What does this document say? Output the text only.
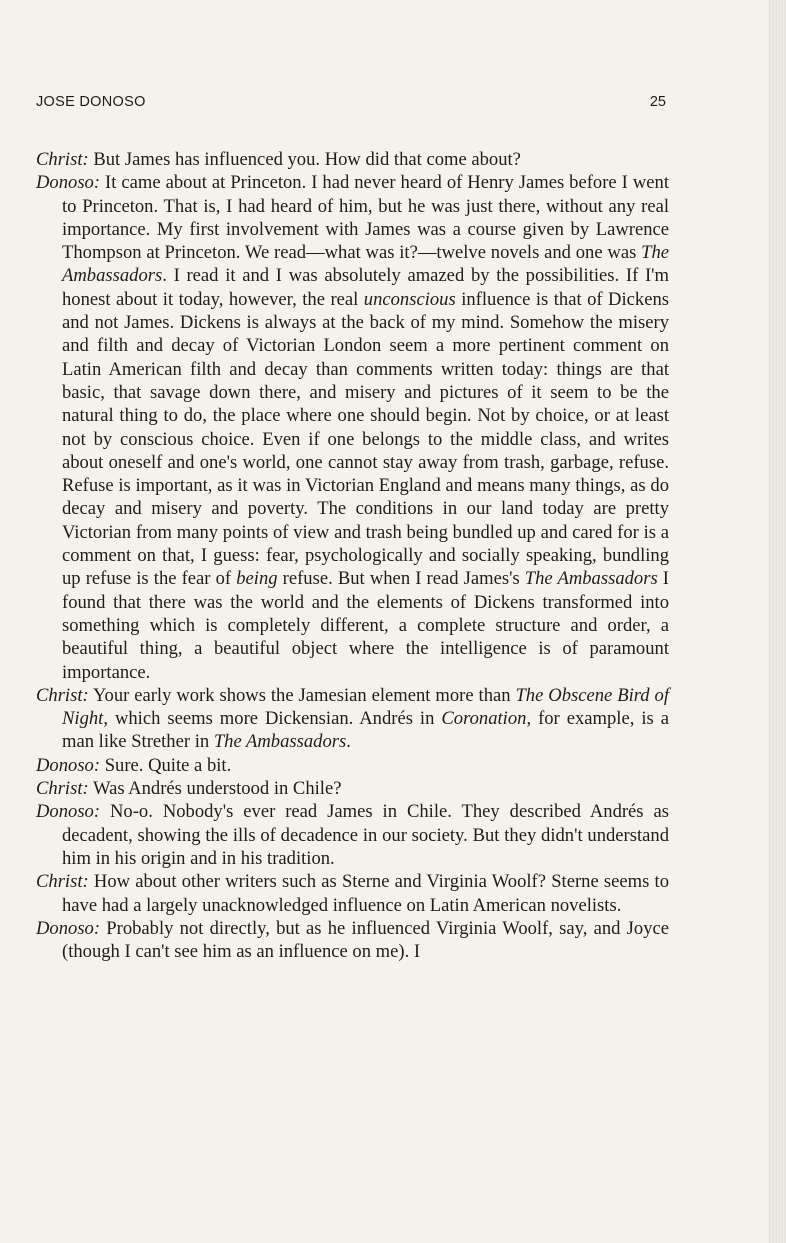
JOSE DONOSO	25

Christ: But James has influenced you. How did that come about?

Donoso: It came about at Princeton. I had never heard of Henry James before I went to Princeton. That is, I had heard of him, but he was just there, without any real importance. My first involvement with James was a course given by Lawrence Thompson at Princeton. We read—what was it?—twelve novels and one was The Ambassadors. I read it and I was absolutely amazed by the possibilities. If I'm honest about it today, however, the real unconscious influence is that of Dickens and not James. Dickens is always at the back of my mind. Somehow the misery and filth and decay of Victorian London seem a more pertinent comment on Latin American filth and decay than comments written today: things are that basic, that savage down there, and misery and pictures of it seem to be the natural thing to do, the place where one should begin. Not by choice, or at least not by conscious choice. Even if one belongs to the middle class, and writes about oneself and one's world, one cannot stay away from trash, garbage, refuse. Refuse is important, as it was in Victorian England and means many things, as do decay and misery and poverty. The conditions in our land today are pretty Victorian from many points of view and trash being bundled up and cared for is a comment on that, I guess: fear, psychologically and socially speaking, bundling up refuse is the fear of being refuse. But when I read James's The Ambassadors I found that there was the world and the elements of Dickens transformed into something which is completely different, a complete structure and order, a beautiful thing, a beautiful object where the intelligence is of paramount importance.

Christ: Your early work shows the Jamesian element more than The Obscene Bird of Night, which seems more Dickensian. Andrés in Coronation, for example, is a man like Strether in The Ambassadors.

Donoso: Sure. Quite a bit.

Christ: Was Andrés understood in Chile?

Donoso: No-o. Nobody's ever read James in Chile. They described Andrés as decadent, showing the ills of decadence in our society. But they didn't understand him in his origin and in his tradition.

Christ: How about other writers such as Sterne and Virginia Woolf? Sterne seems to have had a largely unacknowledged influence on Latin American novelists.

Donoso: Probably not directly, but as he influenced Virginia Woolf, say, and Joyce (though I can't see him as an influence on me). I
